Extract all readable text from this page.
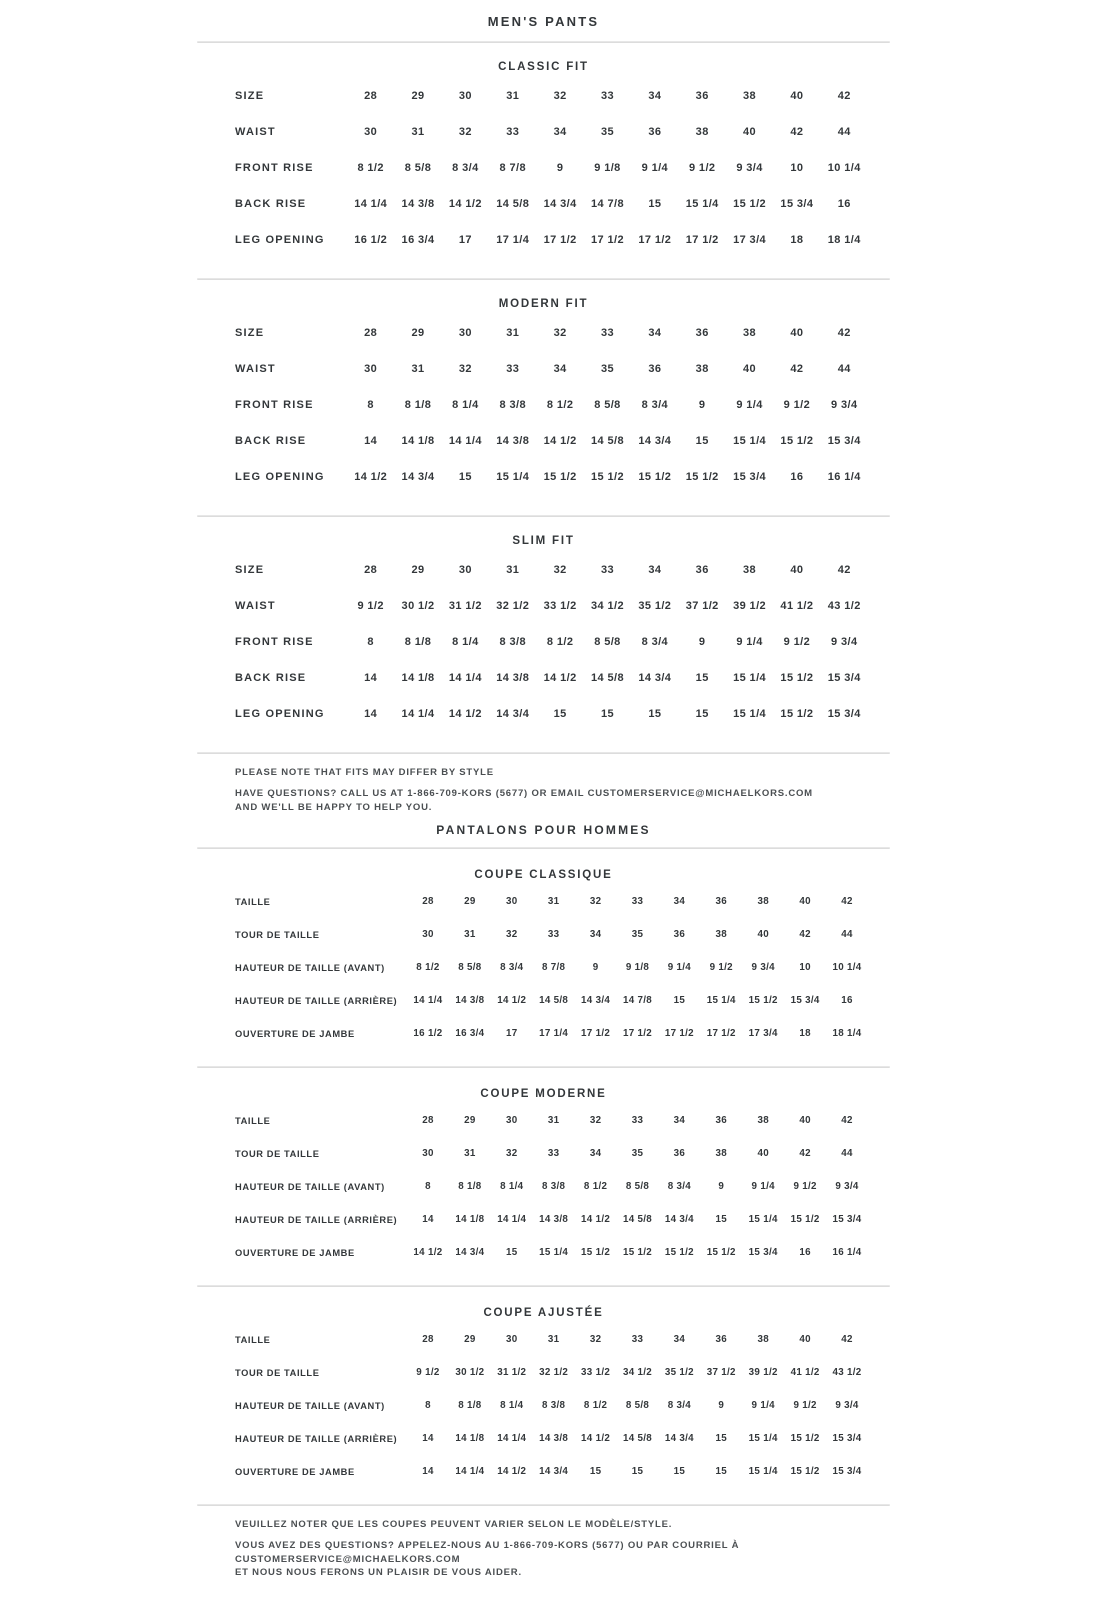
MEN'S PANTS
CLASSIC FIT
SIZE	28	29	30	31	32	33	34	36	38	40	42
WAIST	30	31	32	33	34	35	36	38	40	42	44
FRONT RISE	8 1/2	8 5/8	8 3/4	8 7/8	9	9 1/8	9 1/4	9 1/2	9 3/4	10	10 1/4
BACK RISE	14 1/4	14 3/8	14 1/2	14 5/8	14 3/4	14 7/8	15	15 1/4	15 1/2	15 3/4	16
LEG OPENING	16 1/2	16 3/4	17	17 1/4	17 1/2	17 1/2	17 1/2	17 1/2	17 3/4	18	18 1/4
MODERN FIT
SIZE	28	29	30	31	32	33	34	36	38	40	42
WAIST	30	31	32	33	34	35	36	38	40	42	44
FRONT RISE	8	8 1/8	8 1/4	8 3/8	8 1/2	8 5/8	8 3/4	9	9 1/4	9 1/2	9 3/4
BACK RISE	14	14 1/8	14 1/4	14 3/8	14 1/2	14 5/8	14 3/4	15	15 1/4	15 1/2	15 3/4
LEG OPENING	14 1/2	14 3/4	15	15 1/4	15 1/2	15 1/2	15 1/2	15 1/2	15 3/4	16	16 1/4
SLIM FIT
SIZE	28	29	30	31	32	33	34	36	38	40	42
WAIST	9 1/2	30 1/2	31 1/2	32 1/2	33 1/2	34 1/2	35 1/2	37 1/2	39 1/2	41 1/2	43 1/2
FRONT RISE	8	8 1/8	8 1/4	8 3/8	8 1/2	8 5/8	8 3/4	9	9 1/4	9 1/2	9 3/4
BACK RISE	14	14 1/8	14 1/4	14 3/8	14 1/2	14 5/8	14 3/4	15	15 1/4	15 1/2	15 3/4
LEG OPENING	14	14 1/4	14 1/2	14 3/4	15	15	15	15	15 1/4	15 1/2	15 3/4
PLEASE NOTE THAT FITS MAY DIFFER BY STYLE
HAVE QUESTIONS? CALL US AT 1-866-709-KORS (5677) OR EMAIL CUSTOMERSERVICE@MICHAELKORS.COM
AND WE'LL BE HAPPY TO HELP YOU.
PANTALONS POUR HOMMES
COUPE CLASSIQUE
TAILLE	28	29	30	31	32	33	34	36	38	40	42
TOUR DE TAILLE	30	31	32	33	34	35	36	38	40	42	44
HAUTEUR DE TAILLE (AVANT)	8 1/2	8 5/8	8 3/4	8 7/8	9	9 1/8	9 1/4	9 1/2	9 3/4	10	10 1/4
HAUTEUR DE TAILLE (ARRIÈRE)	14 1/4	14 3/8	14 1/2	14 5/8	14 3/4	14 7/8	15	15 1/4	15 1/2	15 3/4	16
OUVERTURE DE JAMBE	16 1/2	16 3/4	17	17 1/4	17 1/2	17 1/2	17 1/2	17 1/2	17 3/4	18	18 1/4
COUPE MODERNE
TAILLE	28	29	30	31	32	33	34	36	38	40	42
TOUR DE TAILLE	30	31	32	33	34	35	36	38	40	42	44
HAUTEUR DE TAILLE (AVANT)	8	8 1/8	8 1/4	8 3/8	8 1/2	8 5/8	8 3/4	9	9 1/4	9 1/2	9 3/4
HAUTEUR DE TAILLE (ARRIÈRE)	14	14 1/8	14 1/4	14 3/8	14 1/2	14 5/8	14 3/4	15	15 1/4	15 1/2	15 3/4
OUVERTURE DE JAMBE	14 1/2	14 3/4	15	15 1/4	15 1/2	15 1/2	15 1/2	15 1/2	15 3/4	16	16 1/4
COUPE AJUSTÉE
TAILLE	28	29	30	31	32	33	34	36	38	40	42
TOUR DE TAILLE	9 1/2	30 1/2	31 1/2	32 1/2	33 1/2	34 1/2	35 1/2	37 1/2	39 1/2	41 1/2	43 1/2
HAUTEUR DE TAILLE (AVANT)	8	8 1/8	8 1/4	8 3/8	8 1/2	8 5/8	8 3/4	9	9 1/4	9 1/2	9 3/4
HAUTEUR DE TAILLE (ARRIÈRE)	14	14 1/8	14 1/4	14 3/8	14 1/2	14 5/8	14 3/4	15	15 1/4	15 1/2	15 3/4
OUVERTURE DE JAMBE	14	14 1/4	14 1/2	14 3/4	15	15	15	15	15 1/4	15 1/2	15 3/4
VEUILLEZ NOTER QUE LES COUPES PEUVENT VARIER SELON LE MODÈLE/STYLE.
VOUS AVEZ DES QUESTIONS? APPELEZ-NOUS AU 1-866-709-KORS (5677) OU PAR COURRIEL À CUSTOMERSERVICE@MICHAELKORS.COM
ET NOUS NOUS FERONS UN PLAISIR DE VOUS AIDER.
